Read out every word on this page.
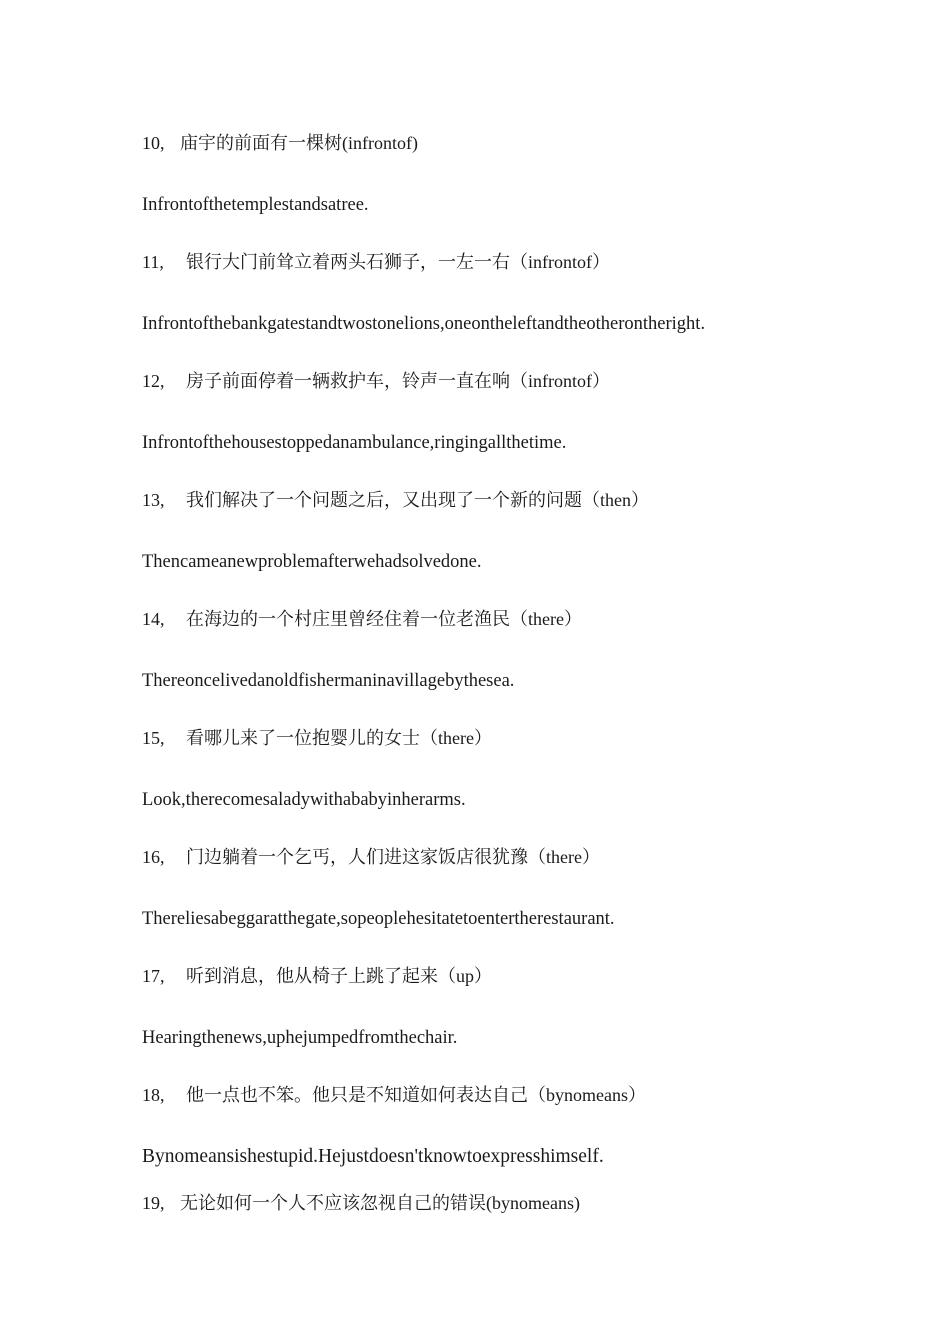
10, 庙宇的前面有一棵树(infrontof)
Infrontofthetemplestandsatree.
11, 银行大门前耸立着两头石狮子，一左一右（infrontof）
Infrontofthebankgatestandtwostonelions,oneontheleftandtheotherontheright.
12, 房子前面停着一辆救护车，铃声一直在响（infrontof）
Infrontofthehousestoppedanambulance,ringingallthetime.
13, 我们解决了一个问题之后，又出现了一个新的问题（then）
Thencameanewproblemafterwehadsolvedone.
14, 在海边的一个村庄里曾经住着一位老渔民（there）
Thereoncelivedanoldfishermaninavillagebythesea.
15, 看哪儿来了一位抱婴儿的女士（there）
Look,therecomesaladywithababyinherarms.
16, 门边躺着一个乞丐，人们进这家饭店很犹豫（there）
Thereliesabeggaratthegate,sopeoplehesitatetoentertherestaurant.
17, 听到消息，他从椅子上跳了起来（up）
Hearingthenews,uphejumpedfromthechair.
18, 他一点也不笨。他只是不知道如何表达自己（bynomeans）
Bynomeansishestupid.Hejustdoesn'tknowtoexpresshimself.
19, 无论如何一个人不应该忽视自己的错误(bynomeans)
